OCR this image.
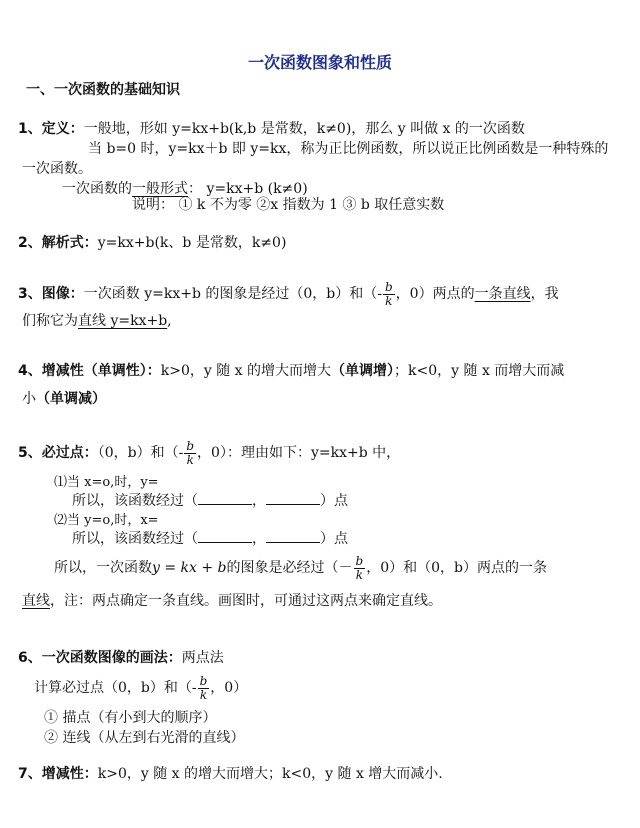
一次函数图象和性质
一、一次函数的基础知识
1、定义：一般地，形如 y=kx+b(k,b 是常数，k≠0)，那么 y 叫做 x 的一次函数
当 b=0 时，y=kx＋b 即 y=kx，称为正比例函数，所以说正比例函数是一种特殊的
一次函数。
一次函数的一般形式： y=kx+b (k≠0)
说明： ① k 不为零 ②x 指数为 1 ③ b 取任意实数
2、解析式：y=kx+b(k、b 是常数，k≠0)
3、图像：一次函数 y=kx+b 的图象是经过（0，b）和（- $\frac{b}{k}$ ，0）两点的一条直线，我
们称它为直线 y=kx+b,
4、增减性（单调性）：k>0，y 随 x 的增大而增大（单调增）；k<0，y 随 x 而增大而减
小（单调减）
5、必过点：（0，b）和（- $\frac{b}{k}$ ，0）：理由如下：y=kx+b 中，
⑴当 x=o,时，y=
所以，该函数经过（	，	）点
⑵当 y=o,时，x=
所以，该函数经过（	，	）点
所以，一次函数y = kx + b的图象是必经过（－ $\frac{b}{k}$ ，0）和（0，b）两点的一条
直线，注：两点确定一条直线。画图时，可通过这两点来确定直线。
6、一次函数图像的画法：两点法
计算必过点（0，b）和（- $\frac{b}{k}$ ，0）
① 描点（有小到大的顺序）
② 连线（从左到右光滑的直线）
7、增减性：k>0，y 随 x 的增大而增大；k<0，y 随 x 增大而减小.
